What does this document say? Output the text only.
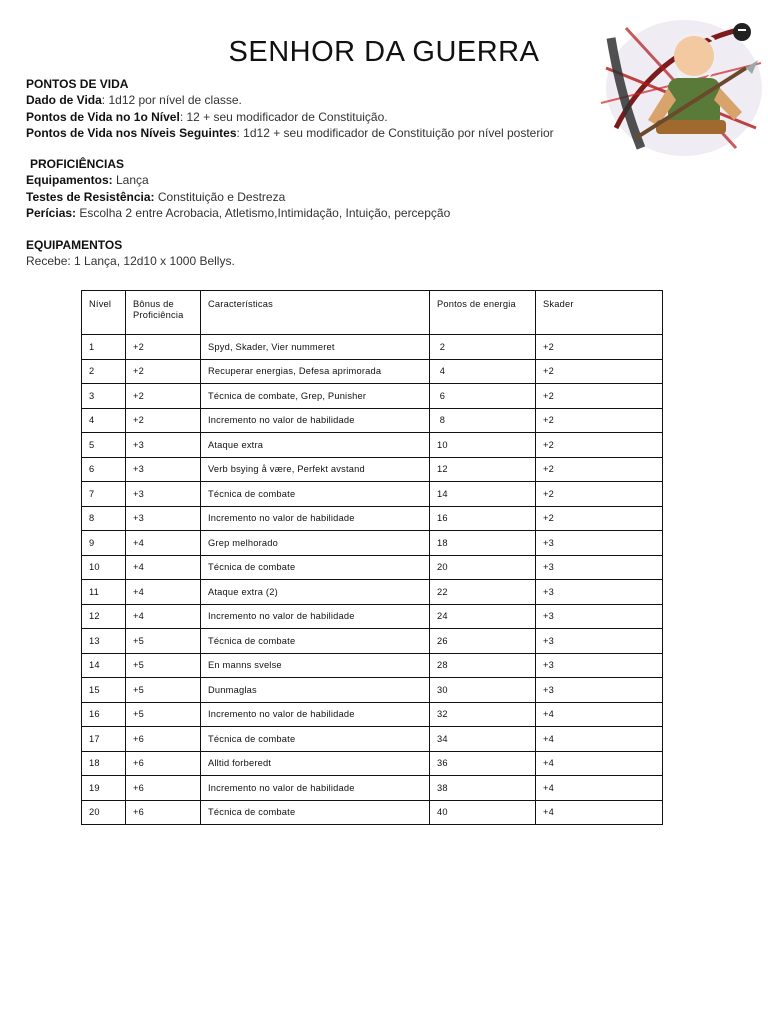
SENHOR DA GUERRA
PONTOS DE VIDA
Dado de Vida: 1d12 por nível de classe.
Pontos de Vida no 1o Nível: 12 + seu modificador de Constituição.
Pontos de Vida nos Níveis Seguintes: 1d12 + seu modificador de Constituição por nível posterior
PROFICIÊNCIAS
Equipamentos: Lança
Testes de Resistência: Constituição e Destreza
Perícias: Escolha 2 entre Acrobacia, Atletismo,Intimidação, Intuição, percepção
EQUIPAMENTOS
Recebe: 1 Lança, 12d10 x 1000 Bellys.
Nível	Bônus de Proficiência	Características	Pontos de energia	Skader
1	+2	Spyd, Skader, Vier nummeret	2	+2
2	+2	Recuperar energias, Defesa aprimorada	4	+2
3	+2	Técnica de combate, Grep, Punisher	6	+2
4	+2	Incremento no valor de habilidade	8	+2
5	+3	Ataque extra	10	+2
6	+3	Verb bsying å være, Perfekt avstand	12	+2
7	+3	Técnica de combate	14	+2
8	+3	Incremento no valor de habilidade	16	+2
9	+4	Grep melhorado	18	+3
10	+4	Técnica de combate	20	+3
11	+4	Ataque extra (2)	22	+3
12	+4	Incremento no valor de habilidade	24	+3
13	+5	Técnica de combate	26	+3
14	+5	En manns svelse	28	+3
15	+5	Dunmaglas	30	+3
16	+5	Incremento no valor de habilidade	32	+4
17	+6	Técnica de combate	34	+4
18	+6	Alltid forberedt	36	+4
19	+6	Incremento no valor de habilidade	38	+4
20	+6	Técnica de combate	40	+4
